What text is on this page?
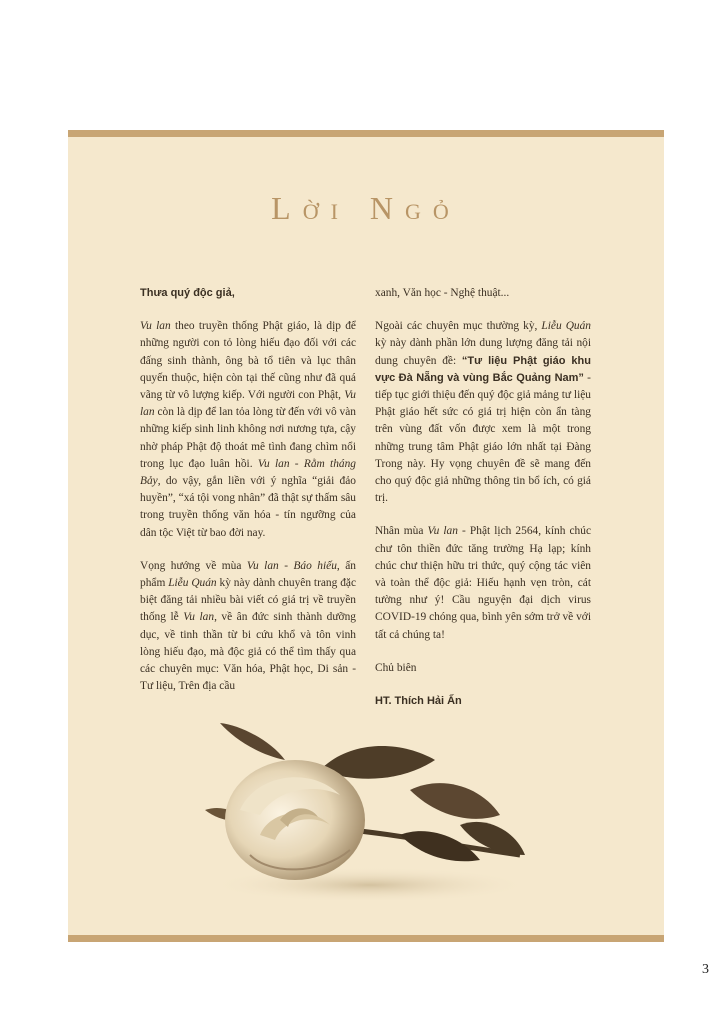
Lời Ngỏ

Thưa quý độc giả,

Vu lan theo truyền thống Phật giáo, là dịp để những người con tỏ lòng hiếu đạo đối với các đấng sinh thành, ông bà tổ tiên và lục thân quyến thuộc, hiện còn tại thế cũng như đã quá vãng từ vô lượng kiếp. Với người con Phật, Vu lan còn là dịp để lan tỏa lòng từ đến với vô vàn những kiếp sinh linh không nơi nương tựa, cậy nhờ pháp Phật độ thoát mê tình đang chìm nổi trong lục đạo luân hồi. Vu lan - Rằm tháng Bảy, do vậy, gắn liền với ý nghĩa “giải đảo huyền”, “xá tội vong nhân” đã thật sự thấm sâu trong truyền thống văn hóa - tín ngưỡng của dân tộc Việt từ bao đời nay.

Vọng hướng về mùa Vu lan - Báo hiếu, ấn phẩm Liễu Quán kỳ này dành chuyên trang đặc biệt đăng tải nhiều bài viết có giá trị về truyền thống lễ Vu lan, về ân đức sinh thành dưỡng dục, về tinh thần từ bi cứu khổ và tôn vinh lòng hiếu đạo, mà độc giả có thể tìm thấy qua các chuyên mục: Văn hóa, Phật học, Di sản - Tư liệu, Trên địa cầu

xanh, Văn học - Nghệ thuật...

Ngoài các chuyên mục thường kỳ, Liễu Quán kỳ này dành phần lớn dung lượng đăng tải nội dung chuyên đề: “Tư liệu Phật giáo khu vực Đà Nẵng và vùng Bắc Quảng Nam” - tiếp tục giới thiệu đến quý độc giả mảng tư liệu Phật giáo hết sức có giá trị hiện còn ẩn tàng trên vùng đất vốn được xem là một trong những trung tâm Phật giáo lớn nhất tại Đàng Trong này. Hy vọng chuyên đề sẽ mang đến cho quý độc giả những thông tin bổ ích, có giá trị.

Nhân mùa Vu lan - Phật lịch 2564, kính chúc chư tôn thiền đức tăng trường Hạ lạp; kính chúc chư thiện hữu tri thức, quý cộng tác viên và toàn thể độc giả: Hiếu hạnh vẹn tròn, cát tường như ý! Cầu nguyện đại dịch virus COVID-19 chóng qua, bình yên sớm trở về với tất cả chúng ta!

Chủ biên

HT. Thích Hải Ấn

3
